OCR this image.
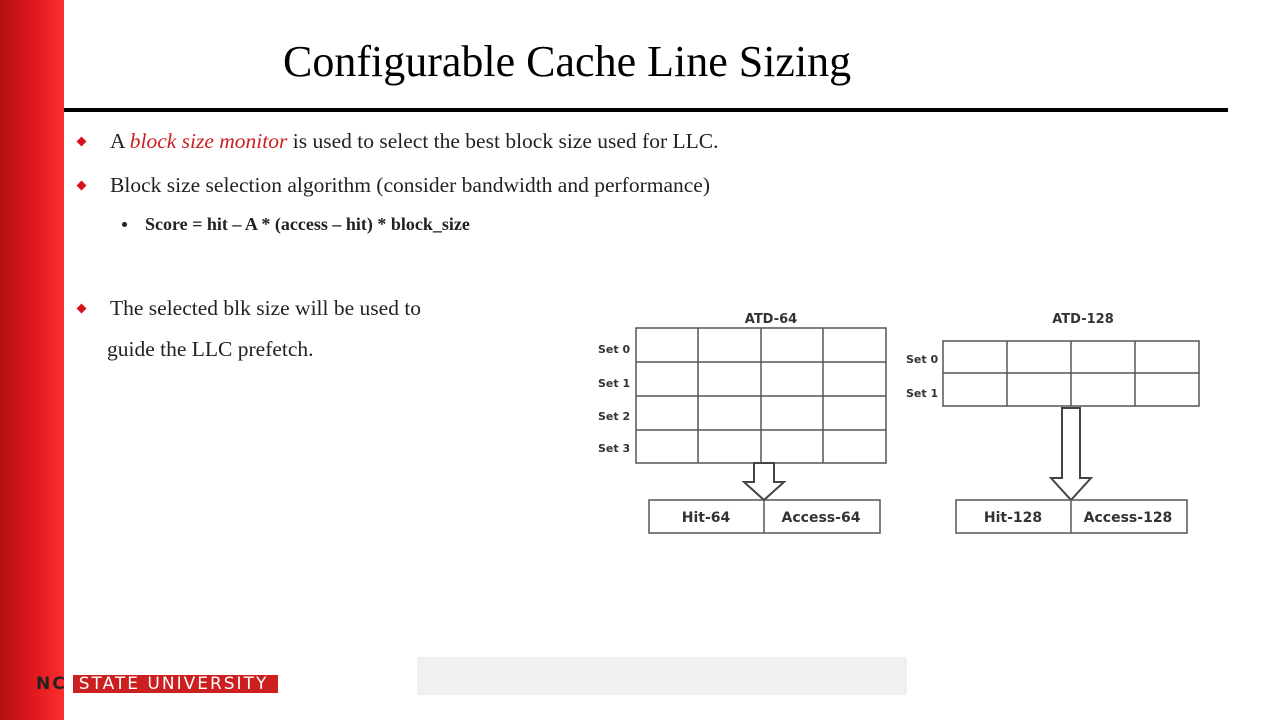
Configurable Cache Line Sizing
A block size monitor is used to select the best block size used for LLC.
Block size selection algorithm (consider bandwidth and performance)
Score = hit – A * (access – hit) * block_size
The selected blk size will be used to
guide the LLC prefetch.
ATD-64
Set 0
Set 1
Set 2
Set 3
Hit-64	Access-64
ATD-128
Set 0
Set 1
Hit-128	Access-128
NC STATE UNIVERSITY
